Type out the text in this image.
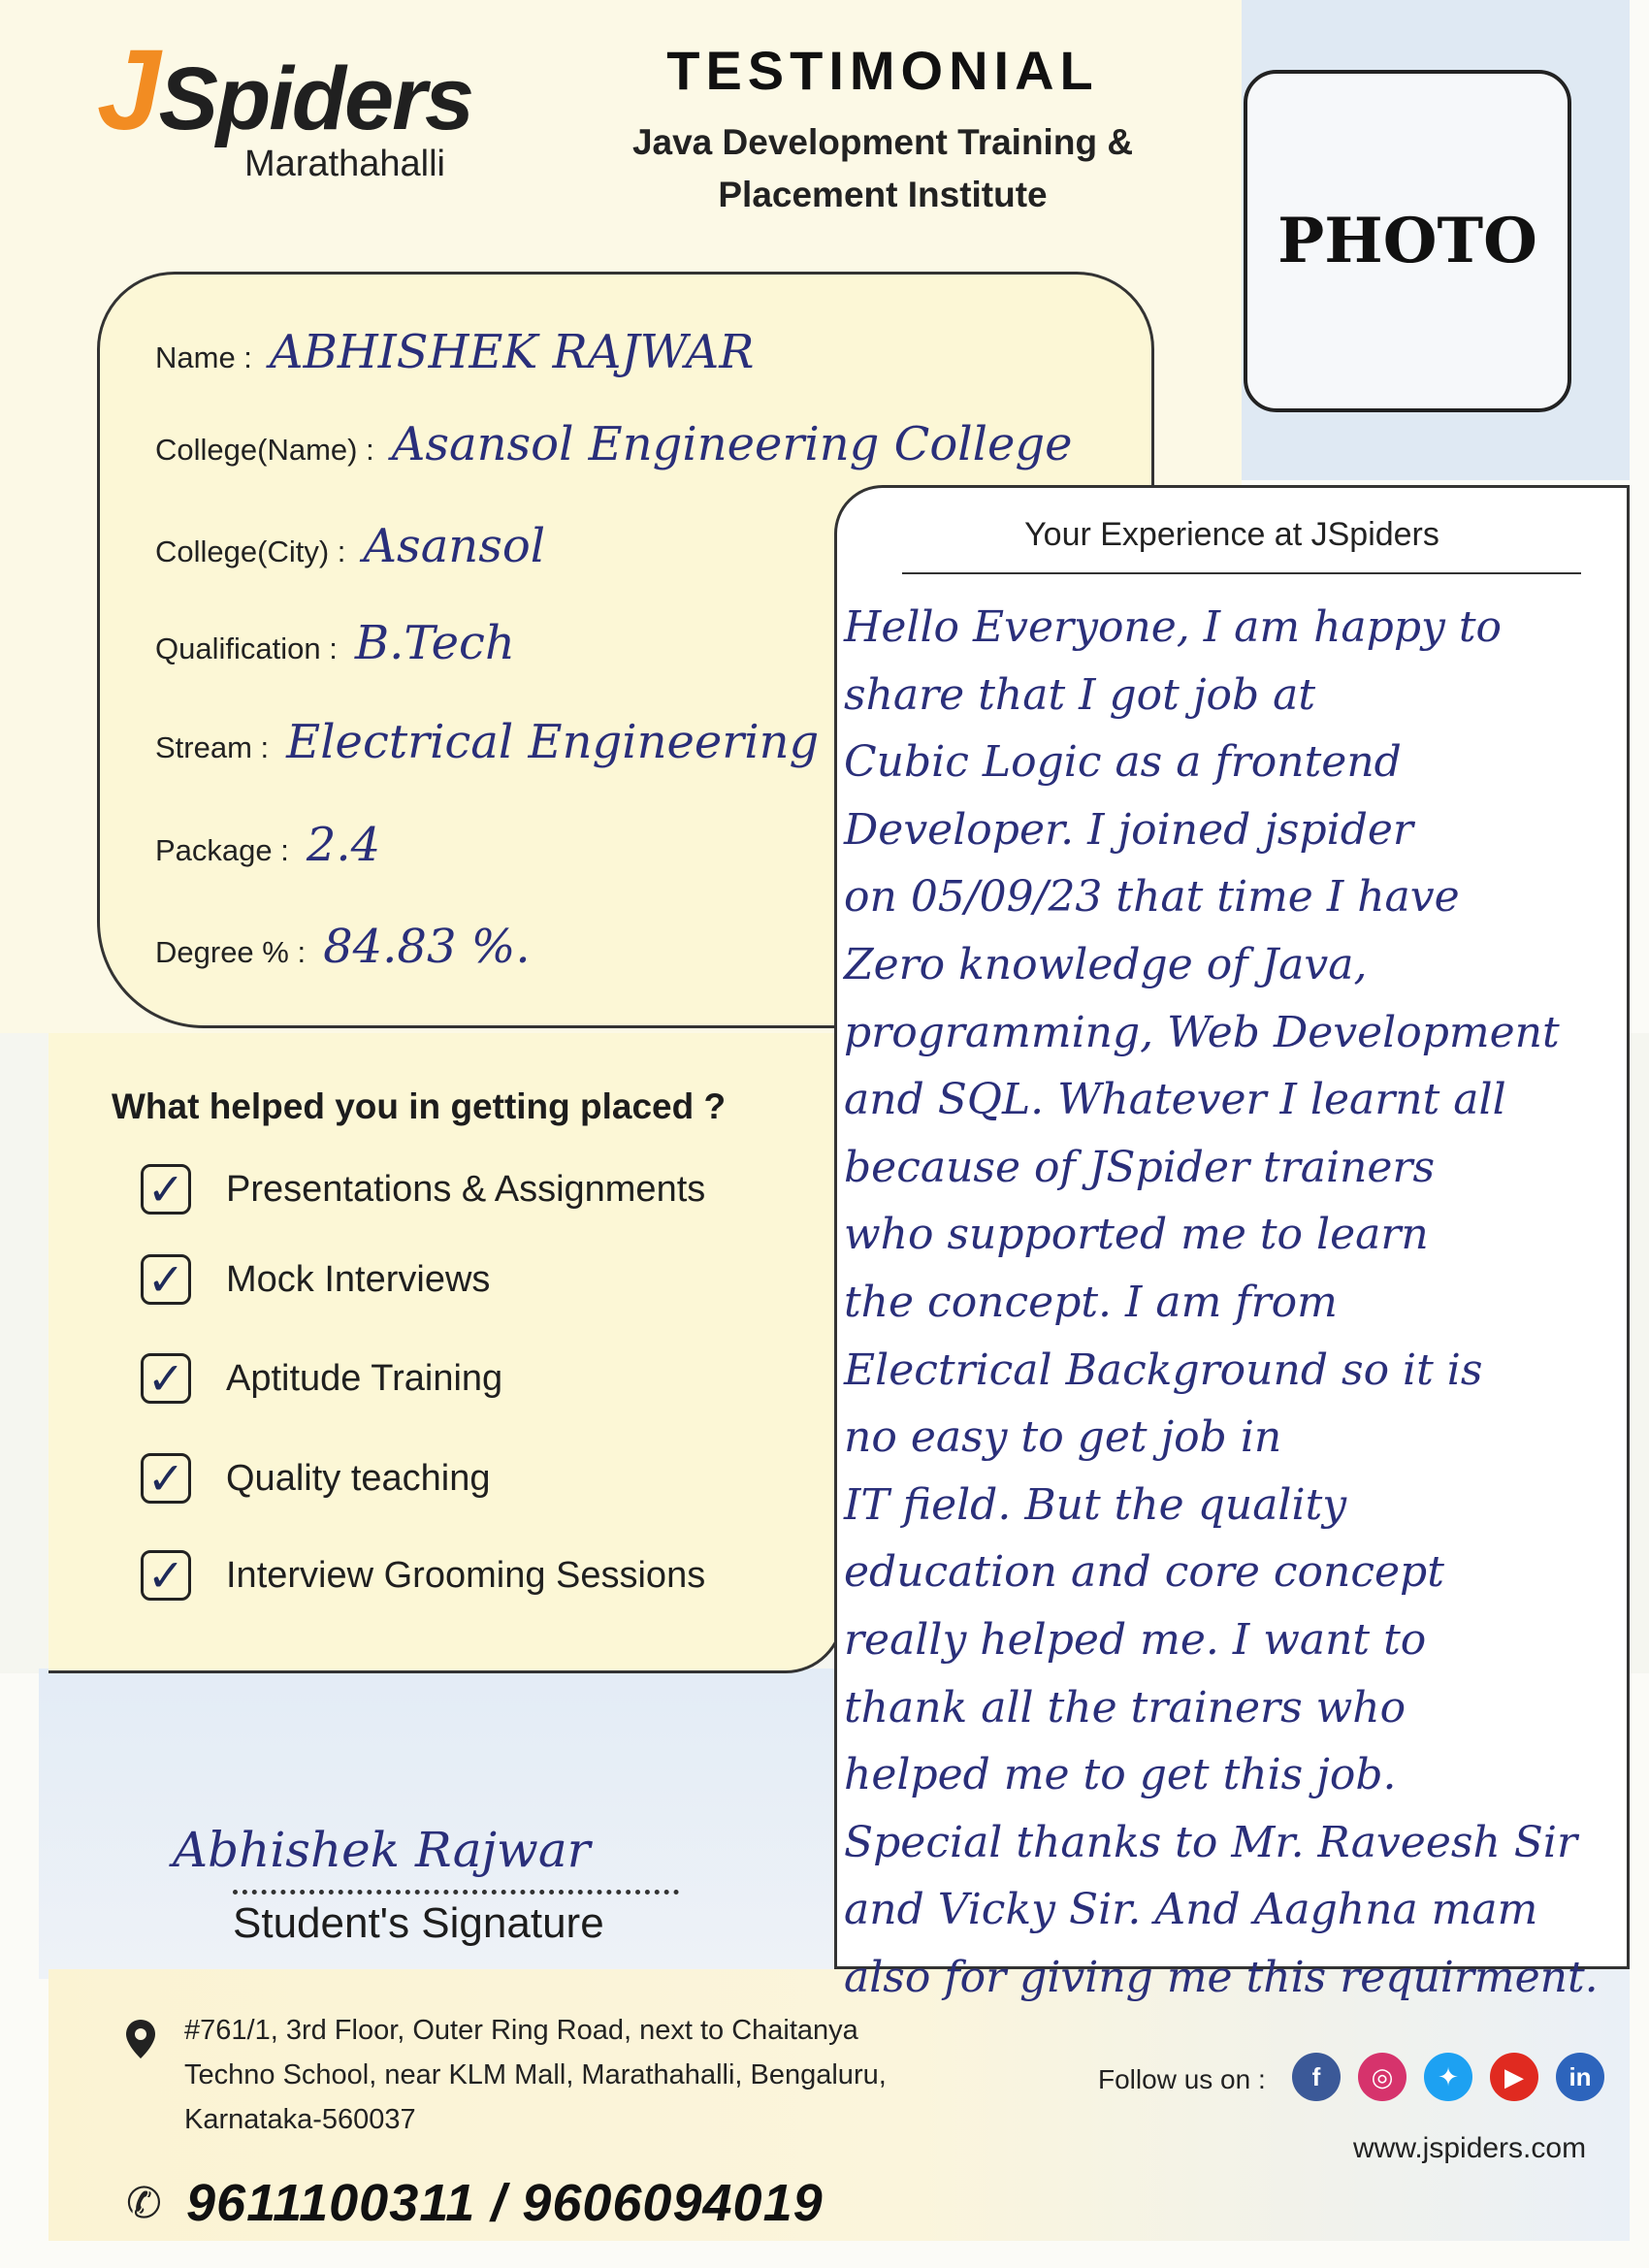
JSpiders
Marathahalli
TESTIMONIAL
Java Development Training &
Placement Institute
PHOTO
Name : ABHISHEK RAJWAR
College(Name) : Asansol Engineering College
College(City) : Asansol
Qualification : B.Tech
Stream : Electrical Engineering
Package : 2.4
Degree % : 84.83 %.
What helped you in getting placed ?
✓ Presentations & Assignments
✓ Mock Interviews
✓ Aptitude Training
✓ Quality teaching
✓ Interview Grooming Sessions
Your Experience at JSpiders
Hello Everyone, I am happy to
share that I got job at
Cubic Logic as a frontend
Developer. I joined jspider
on 05/09/23 that time I have
Zero knowledge of Java,
programming, Web Development
and SQL. Whatever I learnt all
because of JSpider trainers
who supported me to learn
the concept. I am from
Electrical Background so it is
no easy to get job in
IT field. But the quality
education and core concept
really helped me. I want to
thank all the trainers who
helped me to get this job.
Special thanks to Mr. Raveesh Sir
and Vicky Sir. And Aaghna mam
also for giving me this requirment.
Abhishek Rajwar
Student's Signature
#761/1, 3rd Floor, Outer Ring Road, next to Chaitanya
Techno School, near KLM Mall, Marathahalli, Bengaluru,
Karnataka-560037
✆ 9611100311 / 9606094019
Follow us on :	f	◎	✦	▶	in
www.jspiders.com
